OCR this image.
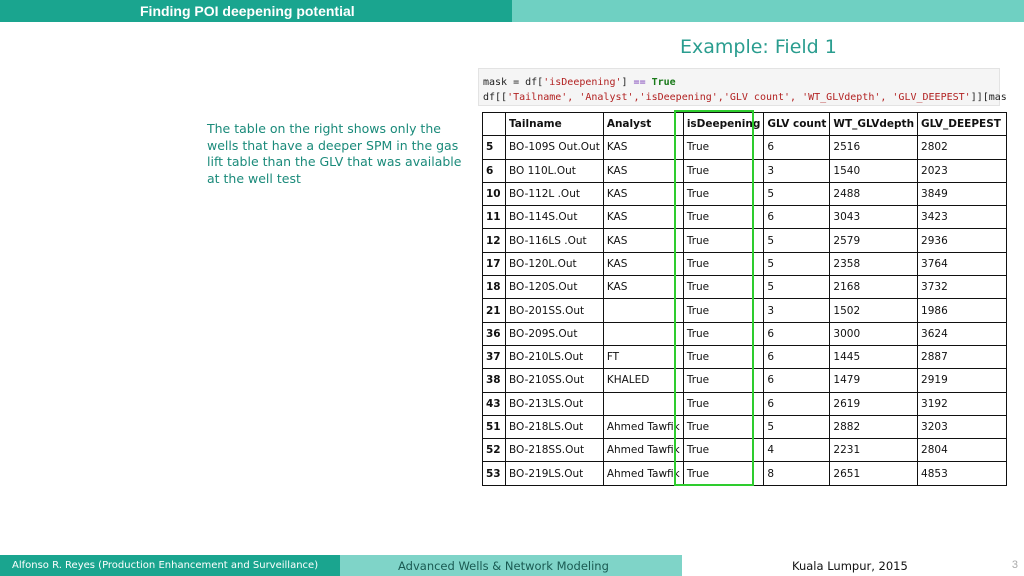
Finding POI deepening potential
Example: Field 1
The table on the right shows only the wells that have a deeper SPM in the gas lift table than the GLV that was available at the well test
mask = df['isDeepening'] == True
df[['Tailname', 'Analyst','isDeepening','GLV count', 'WT_GLVdepth', 'GLV_DEEPEST']][mas
	Tailname	Analyst	isDeepening	GLV count	WT_GLVdepth	GLV_DEEPEST
5	BO-109S Out.Out	KAS	True	6	2516	2802
6	BO 110L.Out	KAS	True	3	1540	2023
10	BO-112L .Out	KAS	True	5	2488	3849
11	BO-114S.Out	KAS	True	6	3043	3423
12	BO-116LS .Out	KAS	True	5	2579	2936
17	BO-120L.Out	KAS	True	5	2358	3764
18	BO-120S.Out	KAS	True	5	2168	3732
21	BO-201SS.Out		True	3	1502	1986
36	BO-209S.Out		True	6	3000	3624
37	BO-210LS.Out	FT	True	6	1445	2887
38	BO-210SS.Out	KHALED	True	6	1479	2919
43	BO-213LS.Out		True	6	2619	3192
51	BO-218LS.Out	Ahmed Tawfik	True	5	2882	3203
52	BO-218SS.Out	Ahmed Tawfik	True	4	2231	2804
53	BO-219LS.Out	Ahmed Tawfik	True	8	2651	4853
Alfonso R. Reyes (Production Enhancement and Surveillance)	Advanced Wells & Network Modeling	Kuala Lumpur, 2015	3
